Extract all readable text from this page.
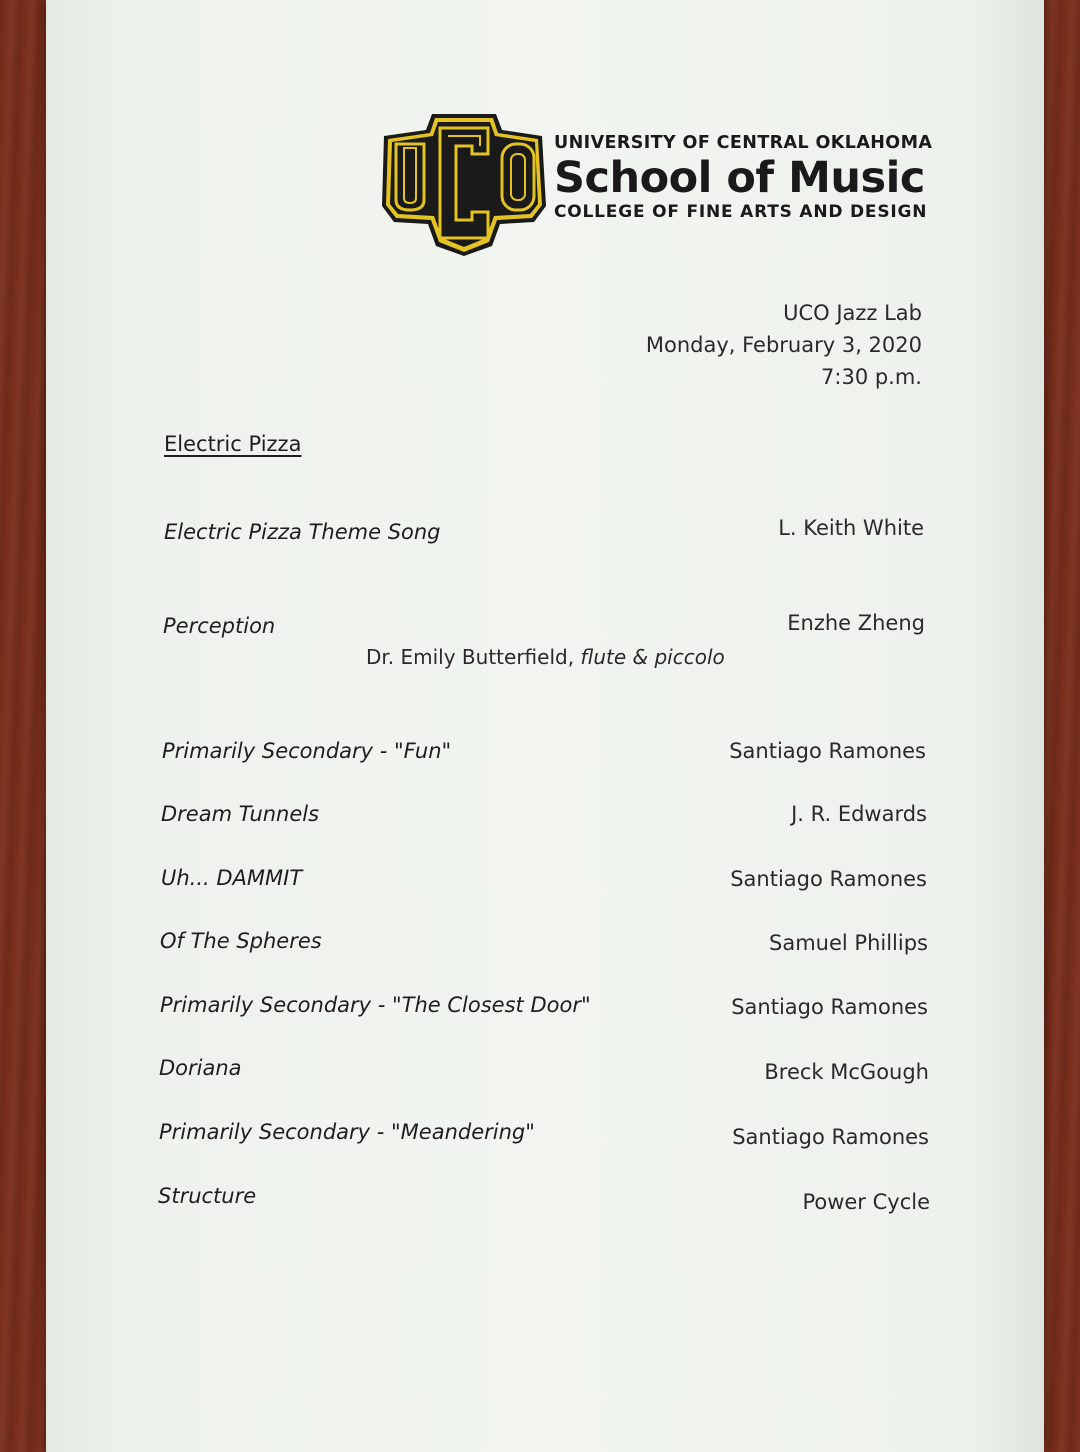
UNIVERSITY OF CENTRAL OKLAHOMA
School of Music
COLLEGE OF FINE ARTS AND DESIGN
UCO Jazz Lab
Monday, February 3, 2020
7:30 p.m.
Electric Pizza
Electric Pizza Theme Song	L. Keith White
Perception	Enzhe Zheng
Dr. Emily Butterfield, flute & piccolo
Primarily Secondary - "Fun"	Santiago Ramones
Dream Tunnels	J. R. Edwards
Uh... DAMMIT	Santiago Ramones
Of The Spheres	Samuel Phillips
Primarily Secondary - "The Closest Door"	Santiago Ramones
Doriana	Breck McGough
Primarily Secondary - "Meandering"	Santiago Ramones
Structure	Power Cycle
